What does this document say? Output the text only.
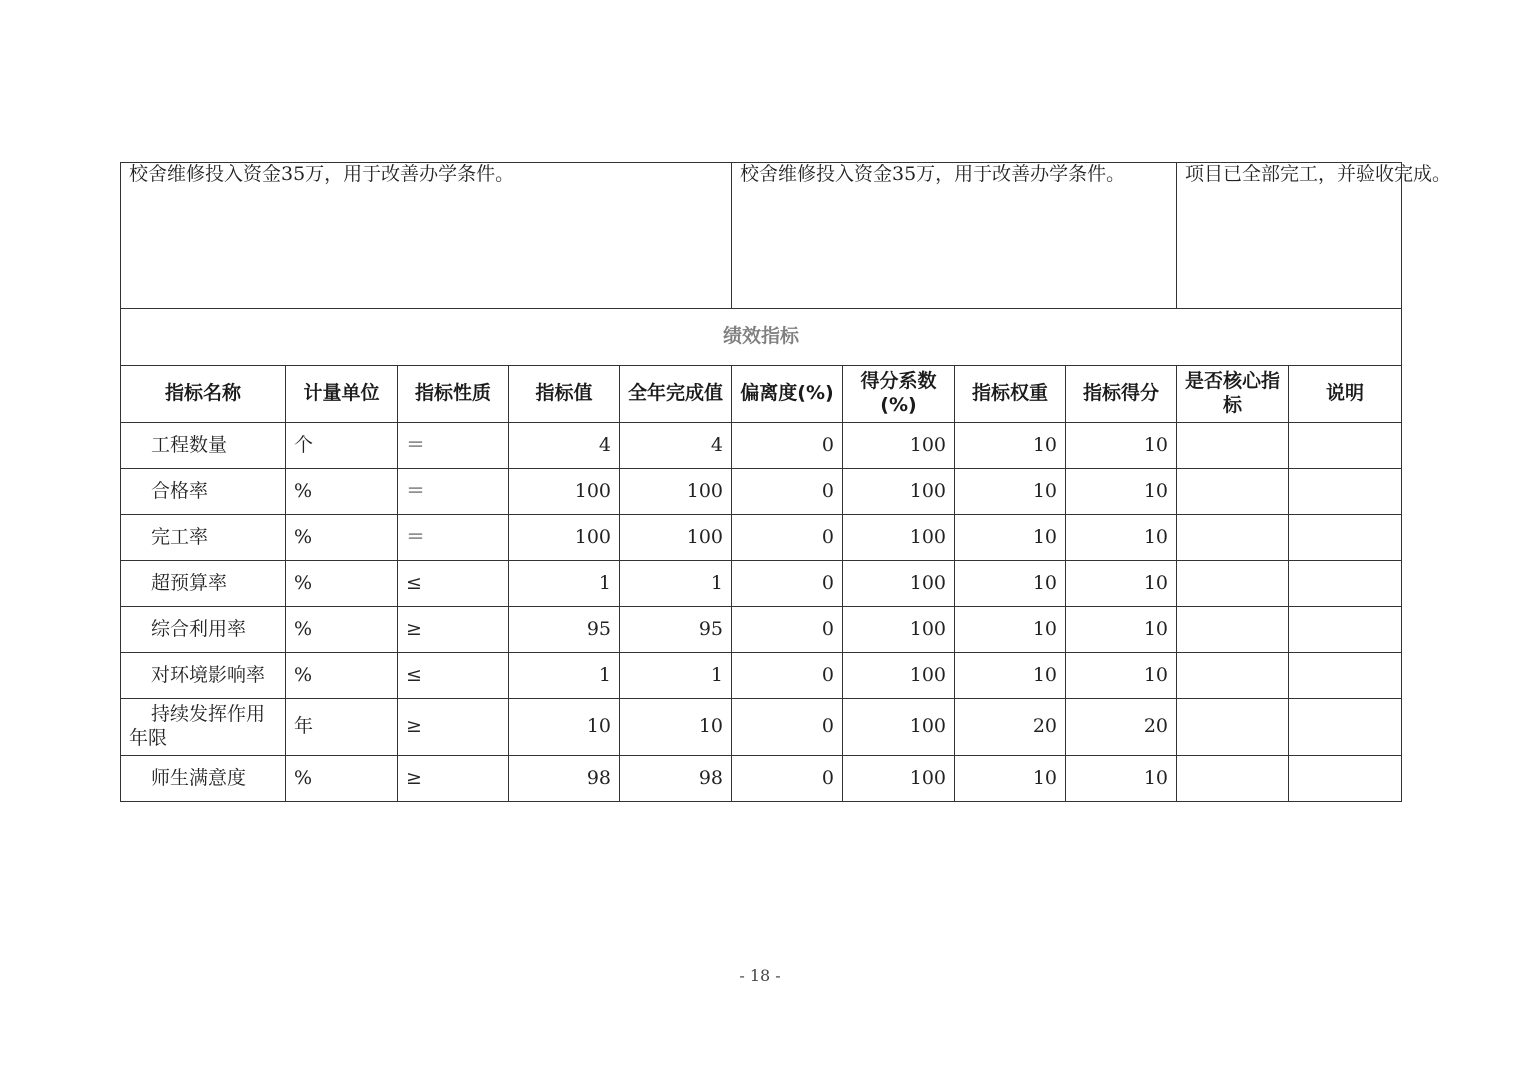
校舍维修投入资金35万，用于改善办学条件。					校舍维修投入资金35万，用于改善办学条件。				项目已全部完工，并验收完成。	
绩效指标										
指标名称	计量单位	指标性质	指标值	全年完成值	偏离度(%)	得分系数(%)	指标权重	指标得分	是否核心指标	说明
工程数量	个	＝	4	4	0	100	10	10		
合格率	%	＝	100	100	0	100	10	10		
完工率	%	＝	100	100	0	100	10	10		
超预算率	%	≤	1	1	0	100	10	10		
综合利用率	%	≥	95	95	0	100	10	10		
对环境影响率	%	≤	1	1	0	100	10	10		
持续发挥作用年限	年	≥	10	10	0	100	20	20		
师生满意度	%	≥	98	98	0	100	10	10		
- 18 -
